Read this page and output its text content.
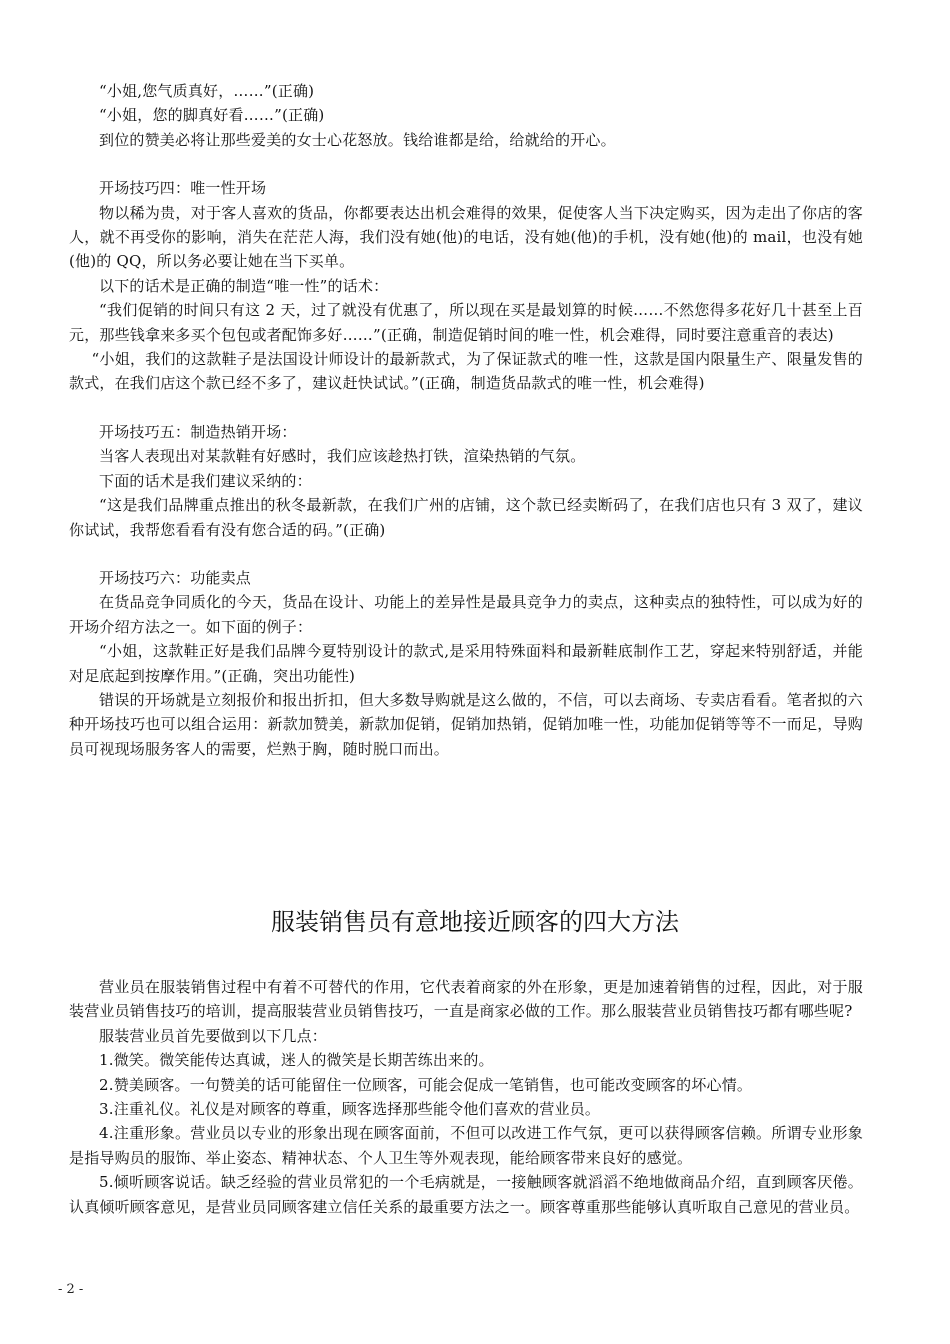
“小姐,您气质真好，……”(正确)

“小姐，您的脚真好看……”(正确)

到位的赞美必将让那些爱美的女士心花怒放。钱给谁都是给，给就给的开心。

开场技巧四：唯一性开场

物以稀为贵，对于客人喜欢的货品，你都要表达出机会难得的效果，促使客人当下决定购买，因为走出了你店的客人，就不再受你的影响，消失在茫茫人海，我们没有她(他)的电话，没有她(他)的手机，没有她(他)的 mail，也没有她(他)的 QQ，所以务必要让她在当下买单。

以下的话术是正确的制造“唯一性”的话术：

“我们促销的时间只有这 2 天，过了就没有优惠了，所以现在买是最划算的时候……不然您得多花好几十甚至上百元，那些钱拿来多买个包包或者配饰多好……”(正确，制造促销时间的唯一性，机会难得，同时要注意重音的表达)

“小姐，我们的这款鞋子是法国设计师设计的最新款式，为了保证款式的唯一性，这款是国内限量生产、限量发售的款式，在我们店这个款已经不多了，建议赶快试试。”(正确，制造货品款式的唯一性，机会难得)

开场技巧五：制造热销开场：

当客人表现出对某款鞋有好感时，我们应该趁热打铁，渲染热销的气氛。

下面的话术是我们建议采纳的：

“这是我们品牌重点推出的秋冬最新款，在我们广州的店铺，这个款已经卖断码了，在我们店也只有 3 双了，建议你试试，我帮您看看有没有您合适的码。”(正确)

开场技巧六：功能卖点

在货品竞争同质化的今天，货品在设计、功能上的差异性是最具竞争力的卖点，这种卖点的独特性，可以成为好的开场介绍方法之一。如下面的例子：

“小姐，这款鞋正好是我们品牌今夏特别设计的款式,是采用特殊面料和最新鞋底制作工艺，穿起来特别舒适，并能对足底起到按摩作用。”(正确，突出功能性)

错误的开场就是立刻报价和报出折扣，但大多数导购就是这么做的，不信，可以去商场、专卖店看看。笔者拟的六种开场技巧也可以组合运用：新款加赞美，新款加促销，促销加热销，促销加唯一性，功能加促销等等不一而足，导购员可视现场服务客人的需要，烂熟于胸，随时脱口而出。

服装销售员有意地接近顾客的四大方法

营业员在服装销售过程中有着不可替代的作用，它代表着商家的外在形象，更是加速着销售的过程，因此，对于服装营业员销售技巧的培训，提高服装营业员销售技巧，一直是商家必做的工作。那么服装营业员销售技巧都有哪些呢?

服装营业员首先要做到以下几点：

1.微笑。微笑能传达真诚，迷人的微笑是长期苦练出来的。

2.赞美顾客。一句赞美的话可能留住一位顾客，可能会促成一笔销售，也可能改变顾客的坏心情。

3.注重礼仪。礼仪是对顾客的尊重，顾客选择那些能令他们喜欢的营业员。

4.注重形象。营业员以专业的形象出现在顾客面前，不但可以改进工作气氛，更可以获得顾客信赖。所谓专业形象是指导购员的服饰、举止姿态、精神状态、个人卫生等外观表现，能给顾客带来良好的感觉。

5.倾听顾客说话。缺乏经验的营业员常犯的一个毛病就是，一接触顾客就滔滔不绝地做商品介绍，直到顾客厌倦。认真倾听顾客意见，是营业员同顾客建立信任关系的最重要方法之一。顾客尊重那些能够认真听取自己意见的营业员。

- 2 -
